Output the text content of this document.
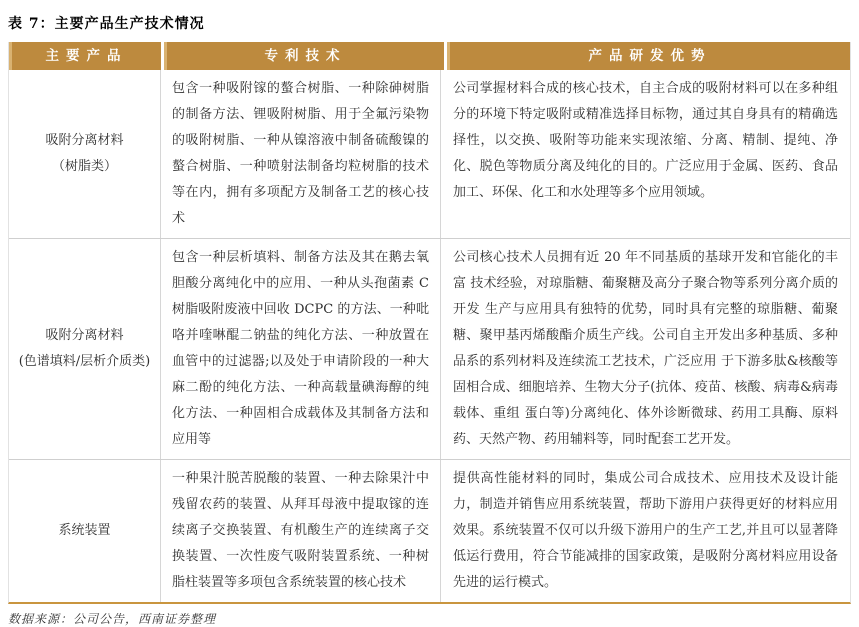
表 7：主要产品生产技术情况
主要产品	专利技术	产品研发优势
吸附分离材料
（树脂类）
包含一种吸附镓的螯合树脂、一种除砷树脂的制备方法、锂吸附树脂、用于全氟污染物的吸附树脂、一种从镍溶液中制备硫酸镍的螯合树脂、一种喷射法制备均粒树脂的技术等在内，拥有多项配方及制备工艺的核心技术
公司掌握材料合成的核心技术，自主合成的吸附材料可以在多种组分的环境下特定吸附或精准选择目标物，通过其自身具有的精确选择性，以交换、吸附等功能来实现浓缩、分离、精制、提纯、净化、脱色等物质分离及纯化的目的。广泛应用于金属、医药、食品加工、环保、化工和水处理等多个应用领域。
吸附分离材料
(色谱填料/层析介质类)
包含一种层析填料、制备方法及其在鹅去氧胆酸分离纯化中的应用、一种从头孢菌素 C 树脂吸附废液中回收 DCPC 的方法、一种吡咯并喹啉醌二钠盐的纯化方法、一种放置在血管中的过滤器;以及处于申请阶段的一种大麻二酚的纯化方法、一种高载量碘海醇的纯化方法、一种固相合成载体及其制备方法和应用等
公司核心技术人员拥有近 20 年不同基质的基球开发和官能化的丰富 技术经验，对琼脂糖、葡聚糖及高分子聚合物等系列分离介质的开发 生产与应用具有独特的优势，同时具有完整的琼脂糖、葡聚糖、聚甲基丙烯酸酯介质生产线。公司自主开发出多种基质、多种品系的系列材料及连续流工艺技术，广泛应用 于下游多肽&核酸等固相合成、细胞培养、生物大分子(抗体、疫苗、核酸、病毒&病毒载体、重组 蛋白等)分离纯化、体外诊断微球、药用工具酶、原料药、天然产物、药用辅料等，同时配套工艺开发。
系统装置
一种果汁脱苦脱酸的装置、一种去除果汁中残留农药的装置、从拜耳母液中提取镓的连续离子交换装置、有机酸生产的连续离子交换装置、一次性废气吸附装置系统、一种树脂柱装置等多项包含系统装置的核心技术
提供高性能材料的同时，集成公司合成技术、应用技术及设计能力，制造并销售应用系统装置，帮助下游用户获得更好的材料应用效果。系统装置不仅可以升级下游用户的生产工艺,并且可以显著降低运行费用，符合节能减排的国家政策，是吸附分离材料应用设备先进的运行模式。
数据来源：公司公告，西南证券整理
